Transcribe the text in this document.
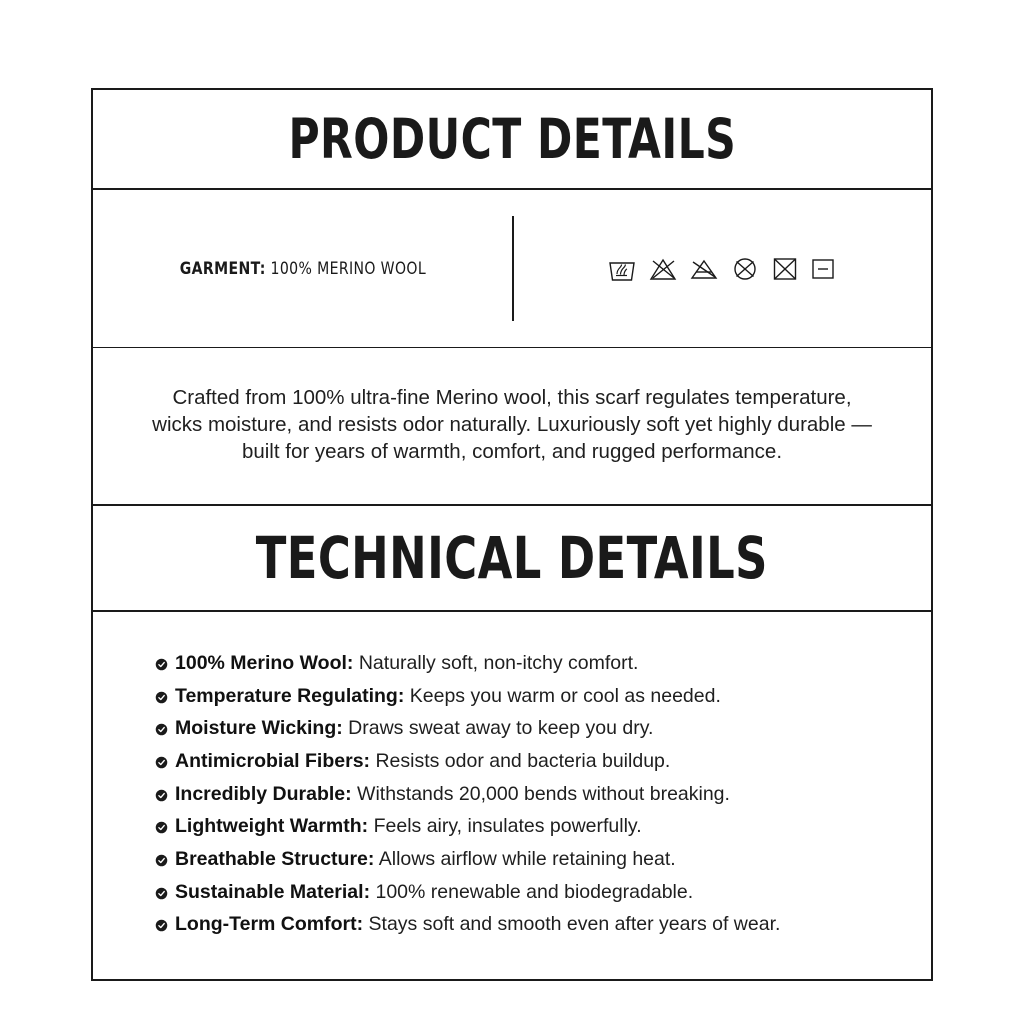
PRODUCT DETAILS
GARMENT: 100% MERINO WOOL
Crafted from 100% ultra-fine Merino wool, this scarf regulates temperature, wicks moisture, and resists odor naturally. Luxuriously soft yet highly durable — built for years of warmth, comfort, and rugged performance.
TECHNICAL DETAILS
100% Merino Wool: Naturally soft, non-itchy comfort.
Temperature Regulating: Keeps you warm or cool as needed.
Moisture Wicking: Draws sweat away to keep you dry.
Antimicrobial Fibers: Resists odor and bacteria buildup.
Incredibly Durable: Withstands 20,000 bends without breaking.
Lightweight Warmth: Feels airy, insulates powerfully.
Breathable Structure: Allows airflow while retaining heat.
Sustainable Material: 100% renewable and biodegradable.
Long-Term Comfort: Stays soft and smooth even after years of wear.
